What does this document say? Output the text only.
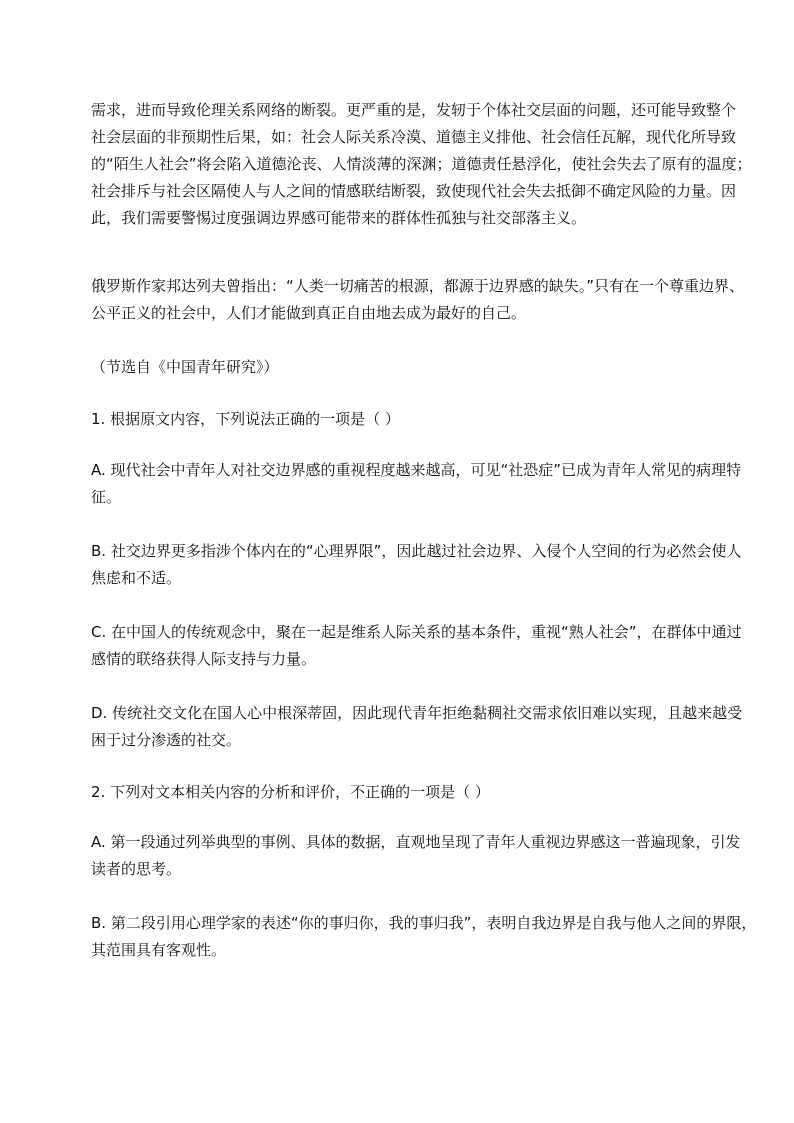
需求，进而导致伦理关系网络的断裂。更严重的是，发轫于个体社交层面的问题，还可能导致整个
社会层面的非预期性后果，如：社会人际关系冷漠、道德主义排他、社会信任瓦解，现代化所导致
的“陌生人社会”将会陷入道德沦丧、人情淡薄的深渊；道德责任悬浮化，使社会失去了原有的温度；
社会排斥与社会区隔使人与人之间的情感联结断裂，致使现代社会失去抵御不确定风险的力量。因
此，我们需要警惕过度强调边界感可能带来的群体性孤独与社交部落主义。
俄罗斯作家邦达列夫曾指出：“人类一切痛苦的根源，都源于边界感的缺失。”只有在一个尊重边界、
公平正义的社会中，人们才能做到真正自由地去成为最好的自己。
（节选自《中国青年研究》）
1. 根据原文内容，下列说法正确的一项是（ ）
A. 现代社会中青年人对社交边界感的重视程度越来越高，可见“社恐症”已成为青年人常见的病理特
征。
B. 社交边界更多指涉个体内在的“心理界限”，因此越过社会边界、入侵个人空间的行为必然会使人
焦虑和不适。
C. 在中国人的传统观念中，聚在一起是维系人际关系的基本条件，重视“熟人社会”，在群体中通过
感情的联络获得人际支持与力量。
D. 传统社交文化在国人心中根深蒂固，因此现代青年拒绝黏稠社交需求依旧难以实现，且越来越受
困于过分渗透的社交。
2. 下列对文本相关内容的分析和评价，不正确的一项是（ ）
A. 第一段通过列举典型的事例、具体的数据，直观地呈现了青年人重视边界感这一普遍现象，引发
读者的思考。
B. 第二段引用心理学家的表述“你的事归你，我的事归我”，表明自我边界是自我与他人之间的界限，
其范围具有客观性。
